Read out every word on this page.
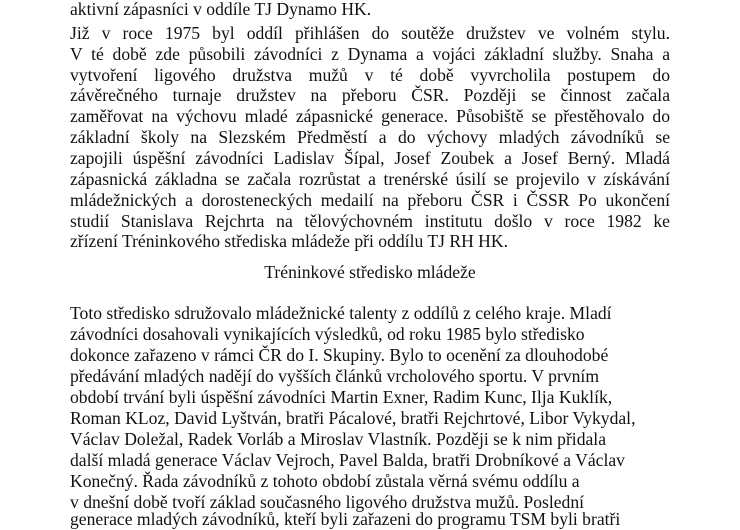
aktivní zápasníci v oddíle TJ Dynamo HK.
Již v roce 1975 byl oddíl přihlášen do soutěže družstev ve volném stylu.
V té době zde působili závodníci z Dynama a vojáci základní služby. Snaha a
vytvoření ligového družstva mužů v té době vyvrcholila postupem do
závěrečného turnaje družstev na přeboru ČSR. Později se činnost začala
zaměřovat na výchovu mladé zápasnické generace. Působiště se přestěhovalo do
základní školy na Slezském Předměstí a do výchovy mladých závodníků se
zapojili úspěšní závodníci Ladislav Šípal, Josef Zoubek a Josef Berný. Mladá
zápasnická základna se začala rozrůstat a trenérské úsilí se projevilo v získávání
mládežnických a dorosteneckých medailí na přeboru ČSR i ČSSR Po ukončení
studií Stanislava Rejchrta na tělovýchovném institutu došlo v roce 1982 ke
zřízení Tréninkového střediska mládeže při oddílu TJ RH HK.
Tréninkové středisko mládeže
Toto středisko sdružovalo mládežnické talenty z oddílů z celého kraje. Mladí
závodníci dosahovali vynikajících výsledků, od roku 1985 bylo středisko
dokonce zařazeno v rámci ČR do I. Skupiny. Bylo to ocenění za dlouhodobé
předávání mladých nadějí do vyšších článků vrcholového sportu. V prvním
období trvání byli úspěšní závodníci Martin Exner, Radim Kunc, Ilja Kuklík,
Roman KLoz, David Lyštván, bratři Pácalové, bratři Rejchrtové, Libor Vykydal,
Václav Doležal, Radek Vorláb a Miroslav Vlastník. Později se k nim přidala
další mladá generace Václav Vejroch, Pavel Balda, bratři Drobníkové a Václav
Konečný. Řada závodníků z tohoto období zůstala věrná svému oddílu a
v dnešní době tvoří základ současného ligového družstva mužů. Poslední
generace mladých závodníků, kteří byli zařazeni do programu TSM byli bratři
